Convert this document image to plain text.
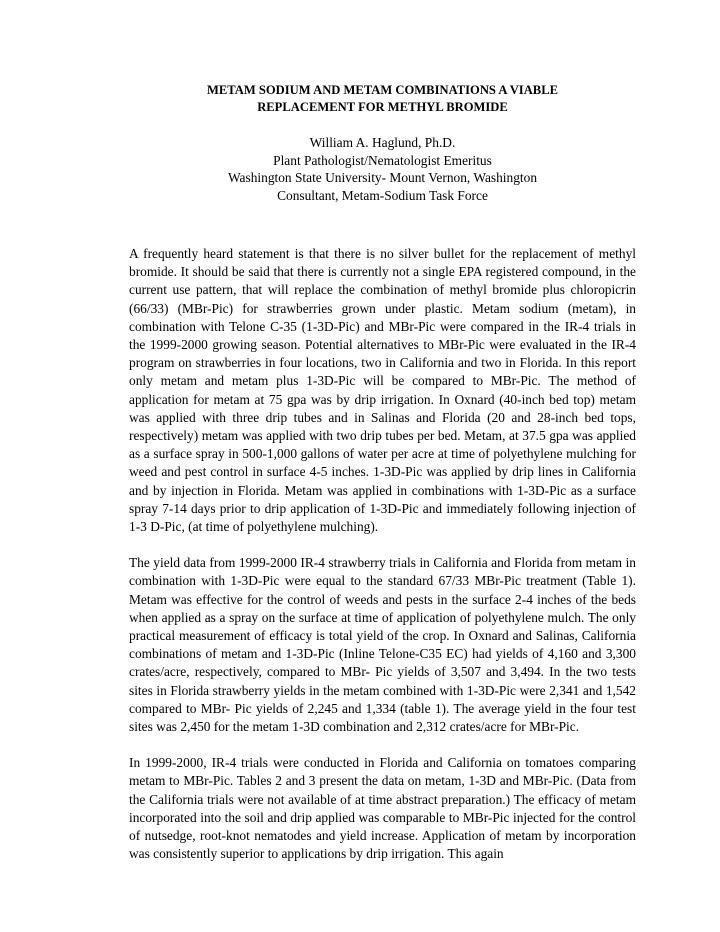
METAM SODIUM AND METAM COMBINATIONS A VIABLE
REPLACEMENT FOR METHYL BROMIDE
William A. Haglund, Ph.D.
Plant Pathologist/Nematologist Emeritus
Washington State University- Mount Vernon, Washington
Consultant, Metam-Sodium Task Force

A frequently heard statement is that there is no silver bullet for the replacement of methyl bromide. It should be said that there is currently not a single EPA registered compound, in the current use pattern, that will replace the combination of methyl bromide plus chloropicrin (66/33) (MBr-Pic) for strawberries grown under plastic. Metam sodium (metam), in combination with Telone C-35 (1-3D-Pic) and MBr-Pic were compared in the IR-4 trials in the 1999-2000 growing season. Potential alternatives to MBr-Pic were evaluated in the IR-4 program on strawberries in four locations, two in California and two in Florida. In this report only metam and metam plus 1-3D-Pic will be compared to MBr-Pic. The method of application for metam at 75 gpa was by drip irrigation. In Oxnard (40-inch bed top) metam was applied with three drip tubes and in Salinas and Florida (20 and 28-inch bed tops, respectively) metam was applied with two drip tubes per bed. Metam, at 37.5 gpa was applied as a surface spray in 500-1,000 gallons of water per acre at time of polyethylene mulching for weed and pest control in surface 4-5 inches. 1-3D-Pic was applied by drip lines in California and by injection in Florida. Metam was applied in combinations with 1-3D-Pic as a surface spray 7-14 days prior to drip application of 1-3D-Pic and immediately following injection of 1-3 D-Pic, (at time of polyethylene mulching).

The yield data from 1999-2000 IR-4 strawberry trials in California and Florida from metam in combination with 1-3D-Pic were equal to the standard 67/33 MBr-Pic treatment (Table 1). Metam was effective for the control of weeds and pests in the surface 2-4 inches of the beds when applied as a spray on the surface at time of application of polyethylene mulch. The only practical measurement of efficacy is total yield of the crop. In Oxnard and Salinas, California combinations of metam and 1-3D-Pic (Inline Telone-C35 EC) had yields of 4,160 and 3,300 crates/acre, respectively, compared to MBr- Pic yields of 3,507 and 3,494. In the two tests sites in Florida strawberry yields in the metam combined with 1-3D-Pic were 2,341 and 1,542 compared to MBr- Pic yields of 2,245 and 1,334 (table 1). The average yield in the four test sites was 2,450 for the metam 1-3D combination and 2,312 crates/acre for MBr-Pic.

In 1999-2000, IR-4 trials were conducted in Florida and California on tomatoes comparing metam to MBr-Pic. Tables 2 and 3 present the data on metam, 1-3D and MBr-Pic. (Data from the California trials were not available of at time abstract preparation.) The efficacy of metam incorporated into the soil and drip applied was comparable to MBr-Pic injected for the control of nutsedge, root-knot nematodes and yield increase. Application of metam by incorporation was consistently superior to applications by drip irrigation. This again
